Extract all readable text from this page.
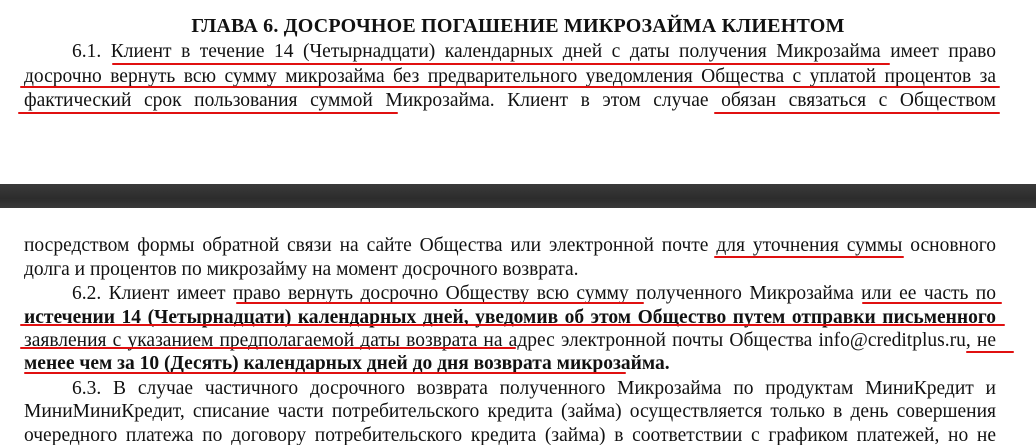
ГЛАВА 6. ДОСРОЧНОЕ ПОГАШЕНИЕ МИКРОЗАЙМА КЛИЕНТОМ
6.1. Клиент в течение 14 (Четырнадцати) календарных дней с даты получения Микрозайма имеет право
досрочно вернуть всю сумму микрозайма без предварительного уведомления Общества с уплатой процентов за
фактический срок пользования суммой Микрозайма. Клиент в этом случае обязан связаться с Обществом
посредством формы обратной связи на сайте Общества или электронной почте для уточнения суммы основного
долга и процентов по микрозайму на момент досрочного возврата.
6.2. Клиент имеет право вернуть досрочно Обществу всю сумму полученного Микрозайма или ее часть по
истечении 14 (Четырнадцати) календарных дней, уведомив об этом Общество путем отправки письменного
заявления с указанием предполагаемой даты возврата на адрес электронной почты Общества info@creditplus.ru, не
менее чем за 10 (Десять) календарных дней до дня возврата микрозайма.
6.3. В случае частичного досрочного возврата полученного Микрозайма по продуктам МиниКредит и
МиниМиниКредит, списание части потребительского кредита (займа) осуществляется только в день совершения
очередного платежа по договору потребительского кредита (займа) в соответствии с графиком платежей, но не
